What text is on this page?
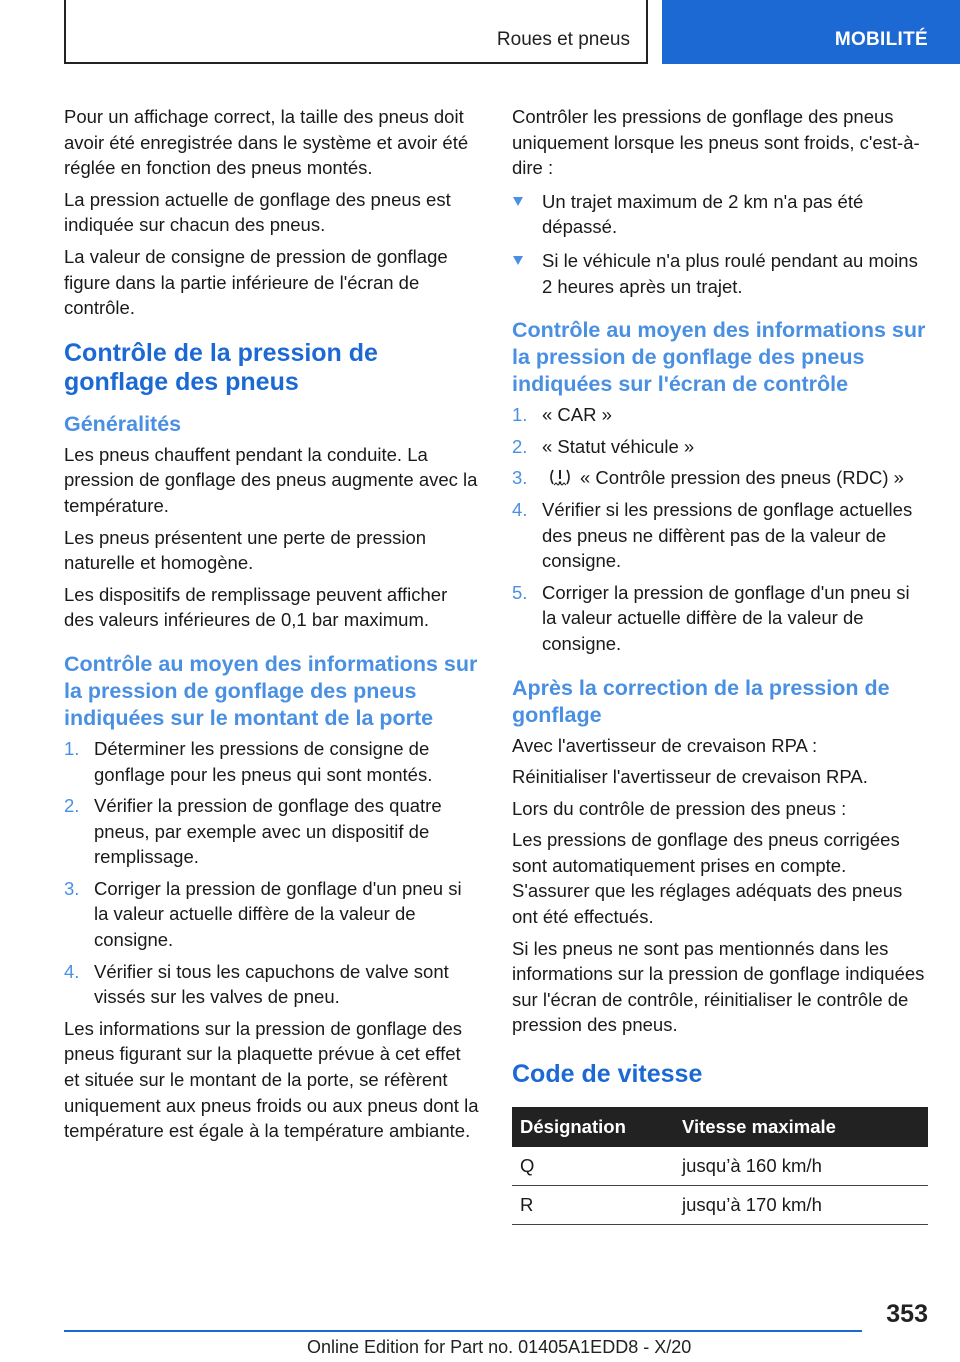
Roues et pneus	MOBILITÉ

Pour un affichage correct, la taille des pneus doit avoir été enregistrée dans le système et avoir été réglée en fonction des pneus montés.

La pression actuelle de gonflage des pneus est indiquée sur chacun des pneus.

La valeur de consigne de pression de gonflage figure dans la partie inférieure de l'écran de contrôle.

Contrôle de la pression de gonflage des pneus
Généralités

Les pneus chauffent pendant la conduite. La pression de gonflage des pneus augmente avec la température.

Les pneus présentent une perte de pression naturelle et homogène.

Les dispositifs de remplissage peuvent afficher des valeurs inférieures de 0,1 bar maximum.

Contrôle au moyen des informations sur la pression de gonflage des pneus indiquées sur le montant de la porte
1. Déterminer les pressions de consigne de gonflage pour les pneus qui sont montés.
2. Vérifier la pression de gonflage des quatre pneus, par exemple avec un dispositif de remplissage.
3. Corriger la pression de gonflage d'un pneu si la valeur actuelle diffère de la valeur de consigne.
4. Vérifier si tous les capuchons de valve sont vissés sur les valves de pneu.

Les informations sur la pression de gonflage des pneus figurant sur la plaquette prévue à cet effet et située sur le montant de la porte, se réfèrent uniquement aux pneus froids ou aux pneus dont la température est égale à la température ambiante.

Contrôler les pressions de gonflage des pneus uniquement lorsque les pneus sont froids, c'est-à-dire :

Un trajet maximum de 2 km n'a pas été dépassé.
Si le véhicule n'a plus roulé pendant au moins 2 heures après un trajet.
Contrôle au moyen des informations sur la pression de gonflage des pneus indiquées sur l'écran de contrôle
1. « CAR »
2. « Statut véhicule »
3.	« Contrôle pression des pneus (RDC) »
4. Vérifier si les pressions de gonflage actuelles des pneus ne diffèrent pas de la valeur de consigne.
5. Corriger la pression de gonflage d'un pneu si la valeur actuelle diffère de la valeur de consigne.
Après la correction de la pression de gonflage

Avec l'avertisseur de crevaison RPA :

Réinitialiser l'avertisseur de crevaison RPA.

Lors du contrôle de pression des pneus :

Les pressions de gonflage des pneus corrigées sont automatiquement prises en compte. S'assurer que les réglages adéquats des pneus ont été effectués.

Si les pneus ne sont pas mentionnés dans les informations sur la pression de gonflage indiquées sur l'écran de contrôle, réinitialiser le contrôle de pression des pneus.

Code de vitesse
Désignation	Vitesse maximale
Q	jusqu’à 160 km/h
R	jusqu’à 170 km/h
353
Online Edition for Part no. 01405A1EDD8 - X/20
